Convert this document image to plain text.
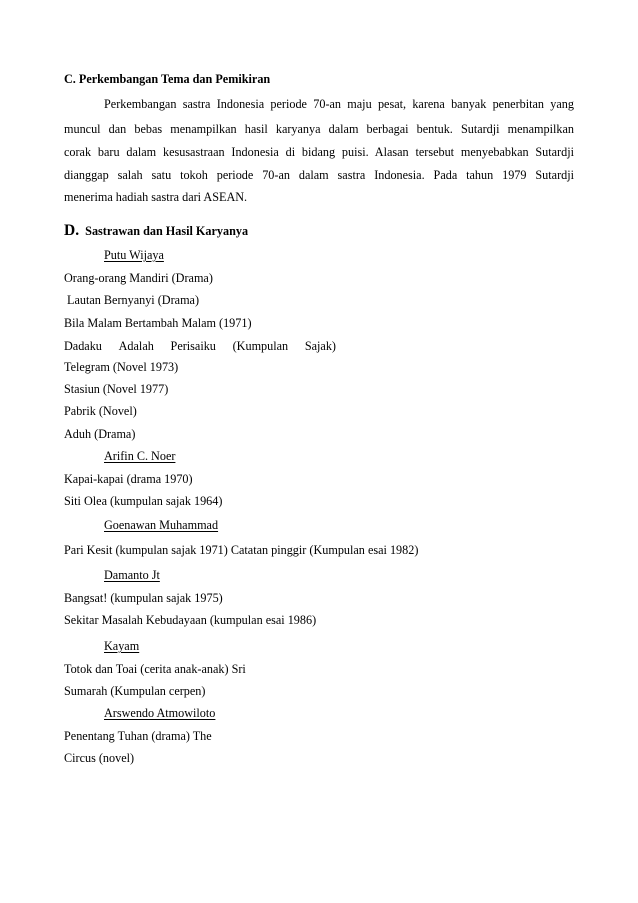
C. Perkembangan Tema dan Pemikiran
Perkembangan sastra Indonesia periode 70-an maju pesat, karena banyak penerbitan yang
muncul dan bebas menampilkan hasil karyanya dalam berbagai bentuk. Sutardji menampilkan
corak baru dalam kesusastraan Indonesia di bidang puisi. Alasan tersebut menyebabkan Sutardji
dianggap salah satu tokoh periode 70-an dalam sastra Indonesia. Pada tahun 1979 Sutardji
menerima hadiah sastra dari ASEAN.
D. Sastrawan dan Hasil Karyanya
Putu Wijaya
Orang-orang Mandiri (Drama)
Lautan Bernyanyi (Drama)
Bila Malam Bertambah Malam (1971)
Dadaku Adalah Perisaiku (Kumpulan Sajak)
Telegram (Novel 1973)
Stasiun (Novel 1977)
Pabrik (Novel)
Aduh (Drama)
Arifin C. Noer
Kapai-kapai (drama 1970)
Siti Olea (kumpulan sajak 1964)
Goenawan Muhammad
Pari Kesit (kumpulan sajak 1971) Catatan pinggir (Kumpulan esai 1982)
Damanto Jt
Bangsat! (kumpulan sajak 1975)
Sekitar Masalah Kebudayaan (kumpulan esai 1986)
Kayam
Totok dan Toai (cerita anak-anak) Sri
Sumarah (Kumpulan cerpen)
Arswendo Atmowiloto
Penentang Tuhan (drama) The
Circus (novel)
